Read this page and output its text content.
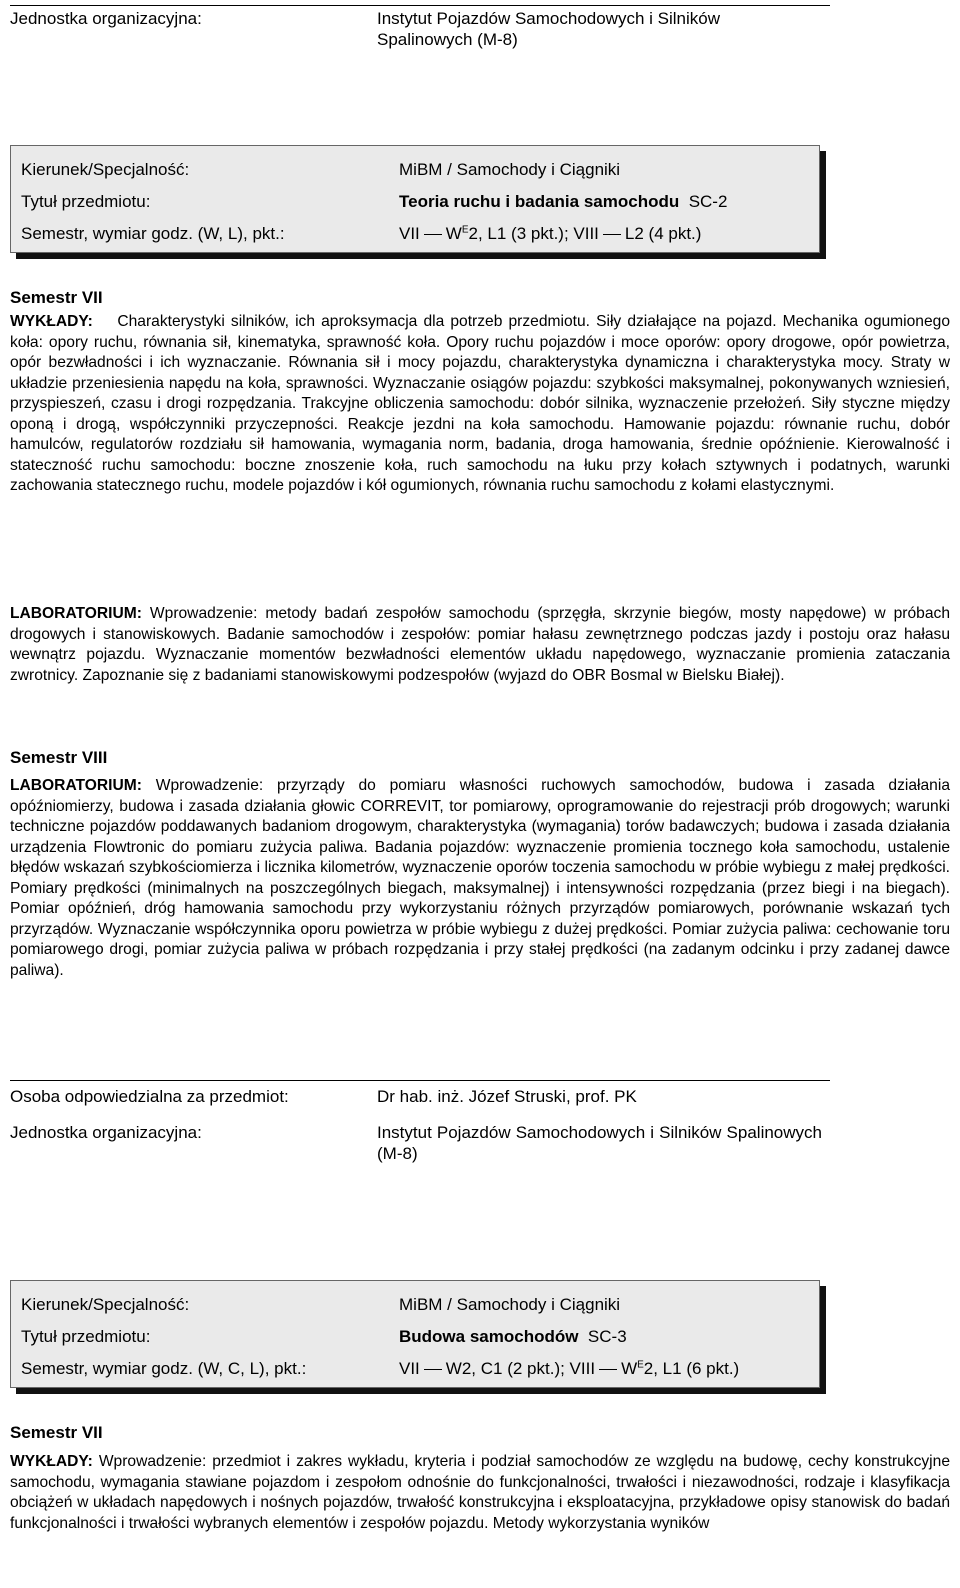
Jednostka organizacyjna:	Instytut Pojazdów Samochodowych i Silników Spalinowych (M-8)
Kierunek/Specjalność:	MiBM / Samochody i Ciągniki
Tytuł przedmiotu:	Teoria ruchu i badania samochodu SC-2
Semestr, wymiar godz. (W, L), pkt.:	VII $W^E2$, L1 (3 pkt.); VIII L2 (4 pkt.)
Semestr VII
WYKŁADY: Charakterystyki silników, ich aproksymacja dla potrzeb przedmiotu. Siły działające na pojazd. Mechanika ogumionego koła: opory ruchu, równania sił, kinematyka, sprawność koła. Opory ruchu pojazdów i moce oporów: opory drogowe, opór powietrza, opór bezwładności i ich wyznaczanie. Równania sił i mocy pojazdu, charakterystyka dynamiczna i charakterystyka mocy. Straty w układzie przeniesienia napędu na koła, sprawności. Wyznaczanie osiągów pojazdu: szybkości maksymalnej, pokonywanych wzniesień, przyspieszeń, czasu i drogi rozpędzania. Trakcyjne obliczenia samochodu: dobór silnika, wyznaczenie przełożeń. Siły styczne między oponą i drogą, współczynniki przyczepności. Reakcje jezdni na koła samochodu. Hamowanie pojazdu: równanie ruchu, dobór hamulców, regulatorów rozdziału sił hamowania, wymagania norm, badania, droga hamowania, średnie opóźnienie. Kierowalność i stateczność ruchu samochodu: boczne znoszenie koła, ruch samochodu na łuku przy kołach sztywnych i podatnych, warunki zachowania statecznego ruchu, modele pojazdów i kół ogumionych, równania ruchu samochodu z kołami elastycznymi.
LABORATORIUM: Wprowadzenie: metody badań zespołów samochodu (sprzęgła, skrzynie biegów, mosty napędowe) w próbach drogowych i stanowiskowych. Badanie samochodów i zespołów: pomiar hałasu zewnętrznego podczas jazdy i postoju oraz hałasu wewnątrz pojazdu. Wyznaczanie momentów bezwładności elementów układu napędowego, wyznaczanie promienia zataczania zwrotnicy. Zapoznanie się z badaniami stanowiskowymi podzespołów (wyjazd do OBR Bosmal w Bielsku Białej).
Semestr VIII
LABORATORIUM: Wprowadzenie: przyrządy do pomiaru własności ruchowych samochodów, budowa i zasada działania opóźniomierzy, budowa i zasada działania głowic CORREVIT, tor pomiarowy, oprogramowanie do rejestracji prób drogowych; warunki techniczne pojazdów poddawanych badaniom drogowym, charakterystyka (wymagania) torów badawczych; budowa i zasada działania urządzenia Flowtronic do pomiaru zużycia paliwa. Badania pojazdów: wyznaczenie promienia tocznego koła samochodu, ustalenie błędów wskazań szybkościomierza i licznika kilometrów, wyznaczenie oporów toczenia samochodu w próbie wybiegu z małej prędkości. Pomiary prędkości (minimalnych na poszczególnych biegach, maksymalnej) i intensywności rozpędzania (przez biegi i na biegach). Pomiar opóźnień, dróg hamowania samochodu przy wykorzystaniu różnych przyrządów pomiarowych, porównanie wskazań tych przyrządów. Wyznaczanie współczynnika oporu powietrza w próbie wybiegu z dużej prędkości. Pomiar zużycia paliwa: cechowanie toru pomiarowego drogi, pomiar zużycia paliwa w próbach rozpędzania i przy stałej prędkości (na zadanym odcinku i przy zadanej dawce paliwa).
Osoba odpowiedzialna za przedmiot:	Dr hab. inż. Józef Struski, prof. PK
Jednostka organizacyjna:	Instytut Pojazdów Samochodowych i Silników Spalinowych (M-8)
Kierunek/Specjalność:	MiBM / Samochody i Ciągniki
Tytuł przedmiotu:	Budowa samochodów SC-3
Semestr, wymiar godz. (W, C, L), pkt.:	VII W2, C1 (2 pkt.); VIII $W^E2$, L1 (6 pkt.)
Semestr VII
WYKŁADY: Wprowadzenie: przedmiot i zakres wykładu, kryteria i podział samochodów ze względu na budowę, cechy konstrukcyjne samochodu, wymagania stawiane pojazdom i zespołom odnośnie do funkcjonalności, trwałości i niezawodności, rodzaje i klasyfikacja obciążeń w układach napędowych i nośnych pojazdów, trwałość konstrukcyjna i eksploatacyjna, przykładowe opisy stanowisk do badań funkcjonalności i trwałości wybranych elementów i zespołów pojazdu. Metody wykorzystania wyników
